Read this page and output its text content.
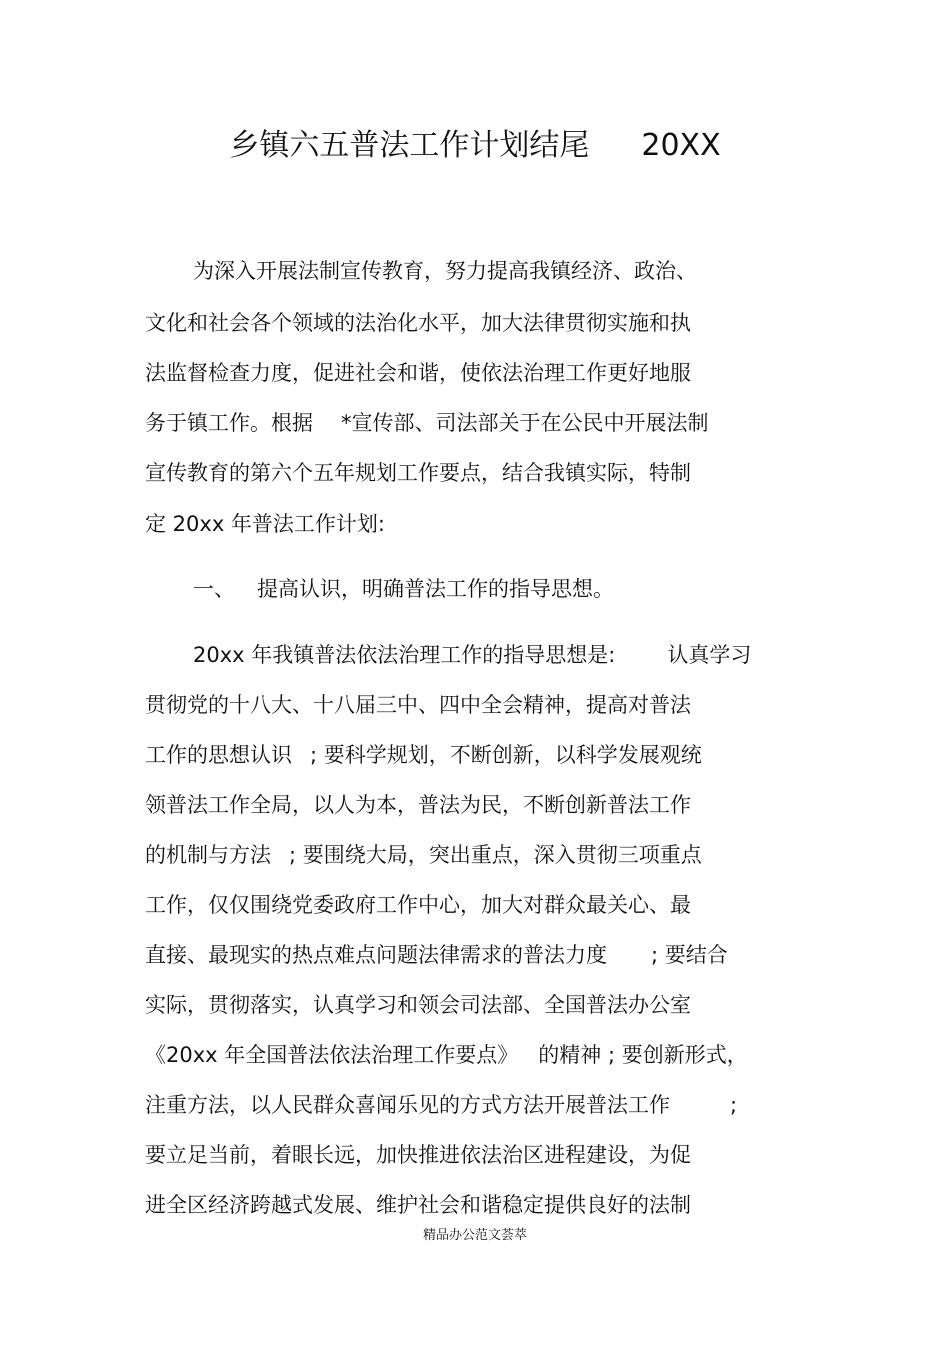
乡镇六五普法工作计划结尾 20XX
为深入开展法制宣传教育，努力提高我镇经济、政治、
文化和社会各个领域的法治化水平，加大法律贯彻实施和执
法监督检查力度，促进社会和谐，使依法治理工作更好地服
务于镇工作。根据 *宣传部、司法部关于在公民中开展法制
宣传教育的第六个五年规划工作要点，结合我镇实际，特制
定 20xx 年普法工作计划:
一、 提高认识，明确普法工作的指导思想。
20xx 年我镇普法依法治理工作的指导思想是: 认真学习
贯彻党的十八大、十八届三中、四中全会精神，提高对普法
工作的思想认识 ; 要科学规划，不断创新，以科学发展观统
领普法工作全局，以人为本，普法为民，不断创新普法工作
的机制与方法 ; 要围绕大局，突出重点，深入贯彻三项重点
工作，仅仅围绕党委政府工作中心，加大对群众最关心、最
直接、最现实的热点难点问题法律需求的普法力度 ; 要结合
实际，贯彻落实，认真学习和领会司法部、全国普法办公室
《20xx 年全国普法依法治理工作要点》 的精神 ; 要创新形式，
注重方法，以人民群众喜闻乐见的方式方法开展普法工作	;
要立足当前，着眼长远，加快推进依法治区进程建设，为促
进全区经济跨越式发展、维护社会和谐稳定提供良好的法制
精品办公范文荟萃
